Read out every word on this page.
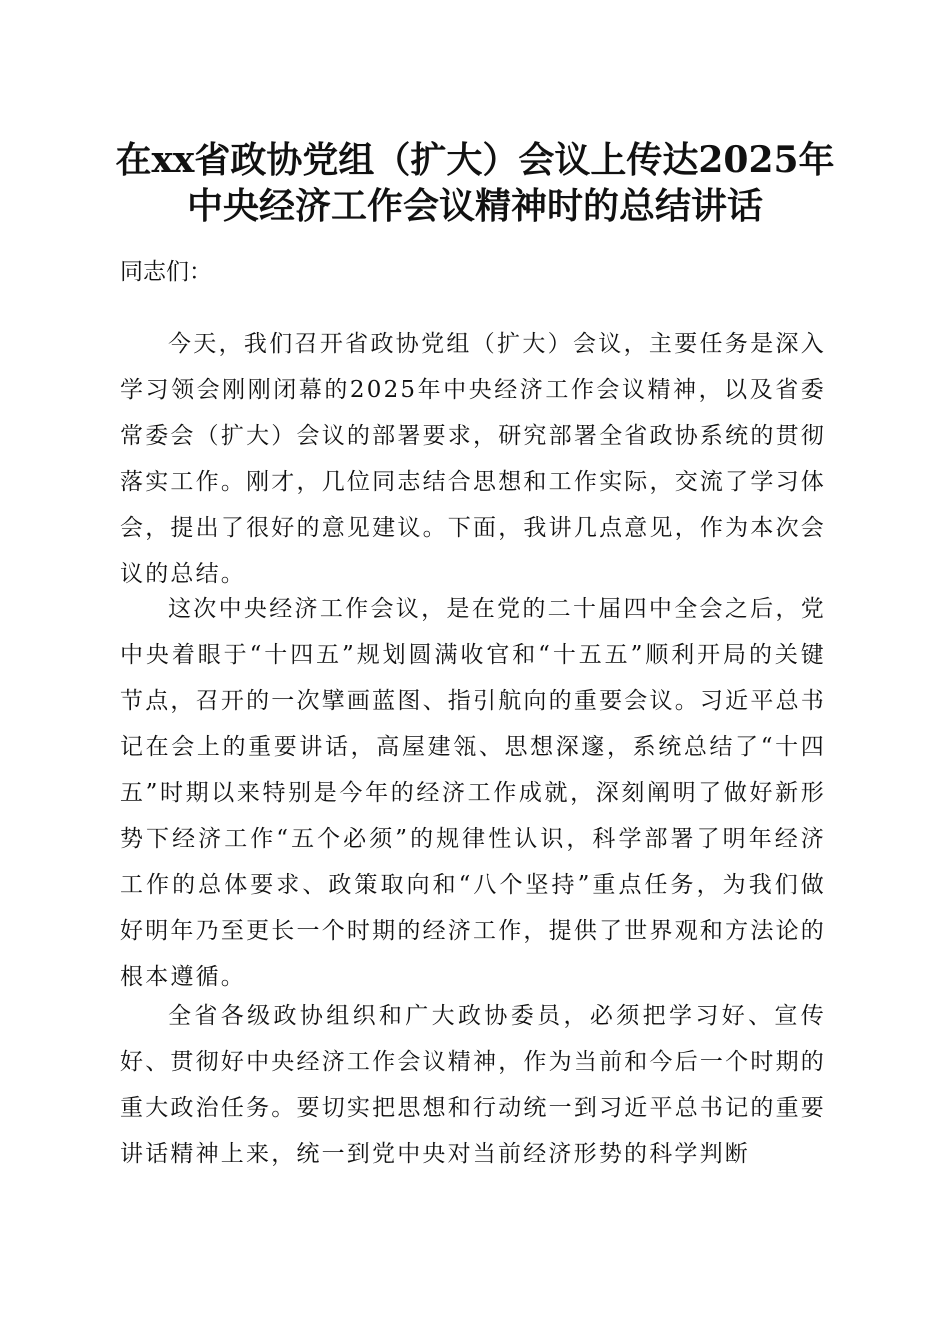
在xx省政协党组（扩大）会议上传达2025年
中央经济工作会议精神时的总结讲话
同志们：

今天，我们召开省政协党组（扩大）会议，主要任务是深入学习领会刚刚闭幕的2025年中央经济工作会议精神，以及省委常委会（扩大）会议的部署要求，研究部署全省政协系统的贯彻落实工作。刚才，几位同志结合思想和工作实际，交流了学习体会，提出了很好的意见建议。下面，我讲几点意见，作为本次会议的总结。

这次中央经济工作会议，是在党的二十届四中全会之后，党中央着眼于“十四五”规划圆满收官和“十五五”顺利开局的关键节点，召开的一次擘画蓝图、指引航向的重要会议。习近平总书记在会上的重要讲话，高屋建瓴、思想深邃，系统总结了“十四五”时期以来特别是今年的经济工作成就，深刻阐明了做好新形势下经济工作“五个必须”的规律性认识，科学部署了明年经济工作的总体要求、政策取向和“八个坚持”重点任务，为我们做好明年乃至更长一个时期的经济工作，提供了世界观和方法论的根本遵循。

全省各级政协组织和广大政协委员，必须把学习好、宣传好、贯彻好中央经济工作会议精神，作为当前和今后一个时期的重大政治任务。要切实把思想和行动统一到习近平总书记的重要讲话精神上来，统一到党中央对当前经济形势的科学判断
